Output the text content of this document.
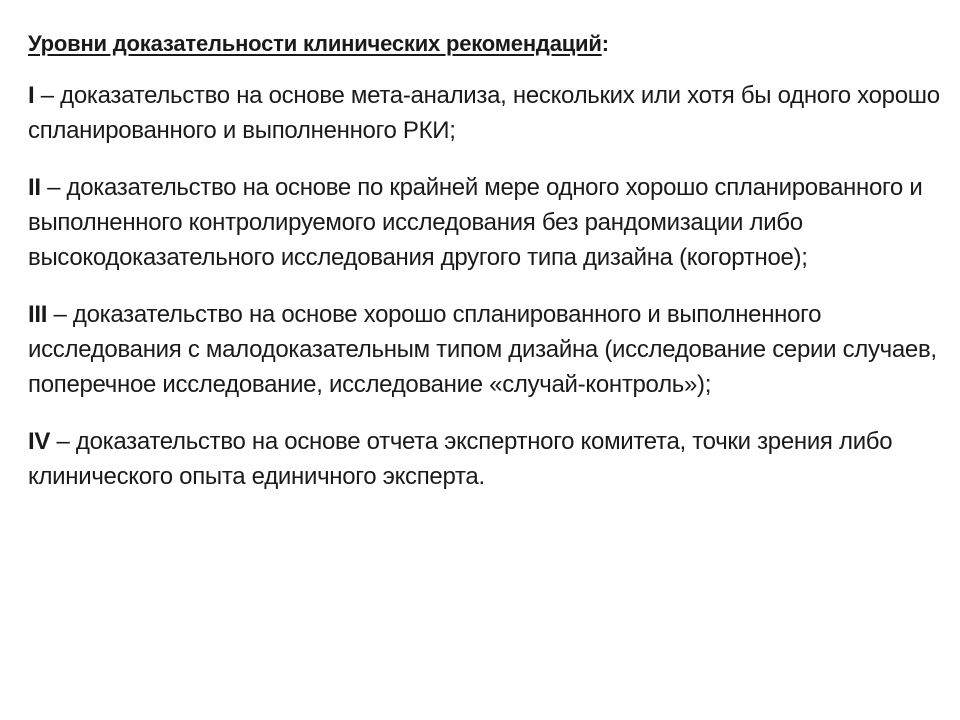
Уровни доказательности клинических рекомендаций:

I – доказательство на основе мета-анализа, нескольких или хотя бы одного хорошо спланированного и выполненного РКИ;

II – доказательство на основе по крайней мере одного хорошо спланированного и выполненного контролируемого исследования без рандомизации либо высокодоказательного исследования другого типа дизайна (когортное);

III – доказательство на основе хорошо спланированного и выполненного исследования с малодоказательным типом дизайна (исследование серии случаев, поперечное исследование, исследование «случай-контроль»);

IV – доказательство на основе отчета экспертного комитета, точки зрения либо клинического опыта единичного эксперта.
